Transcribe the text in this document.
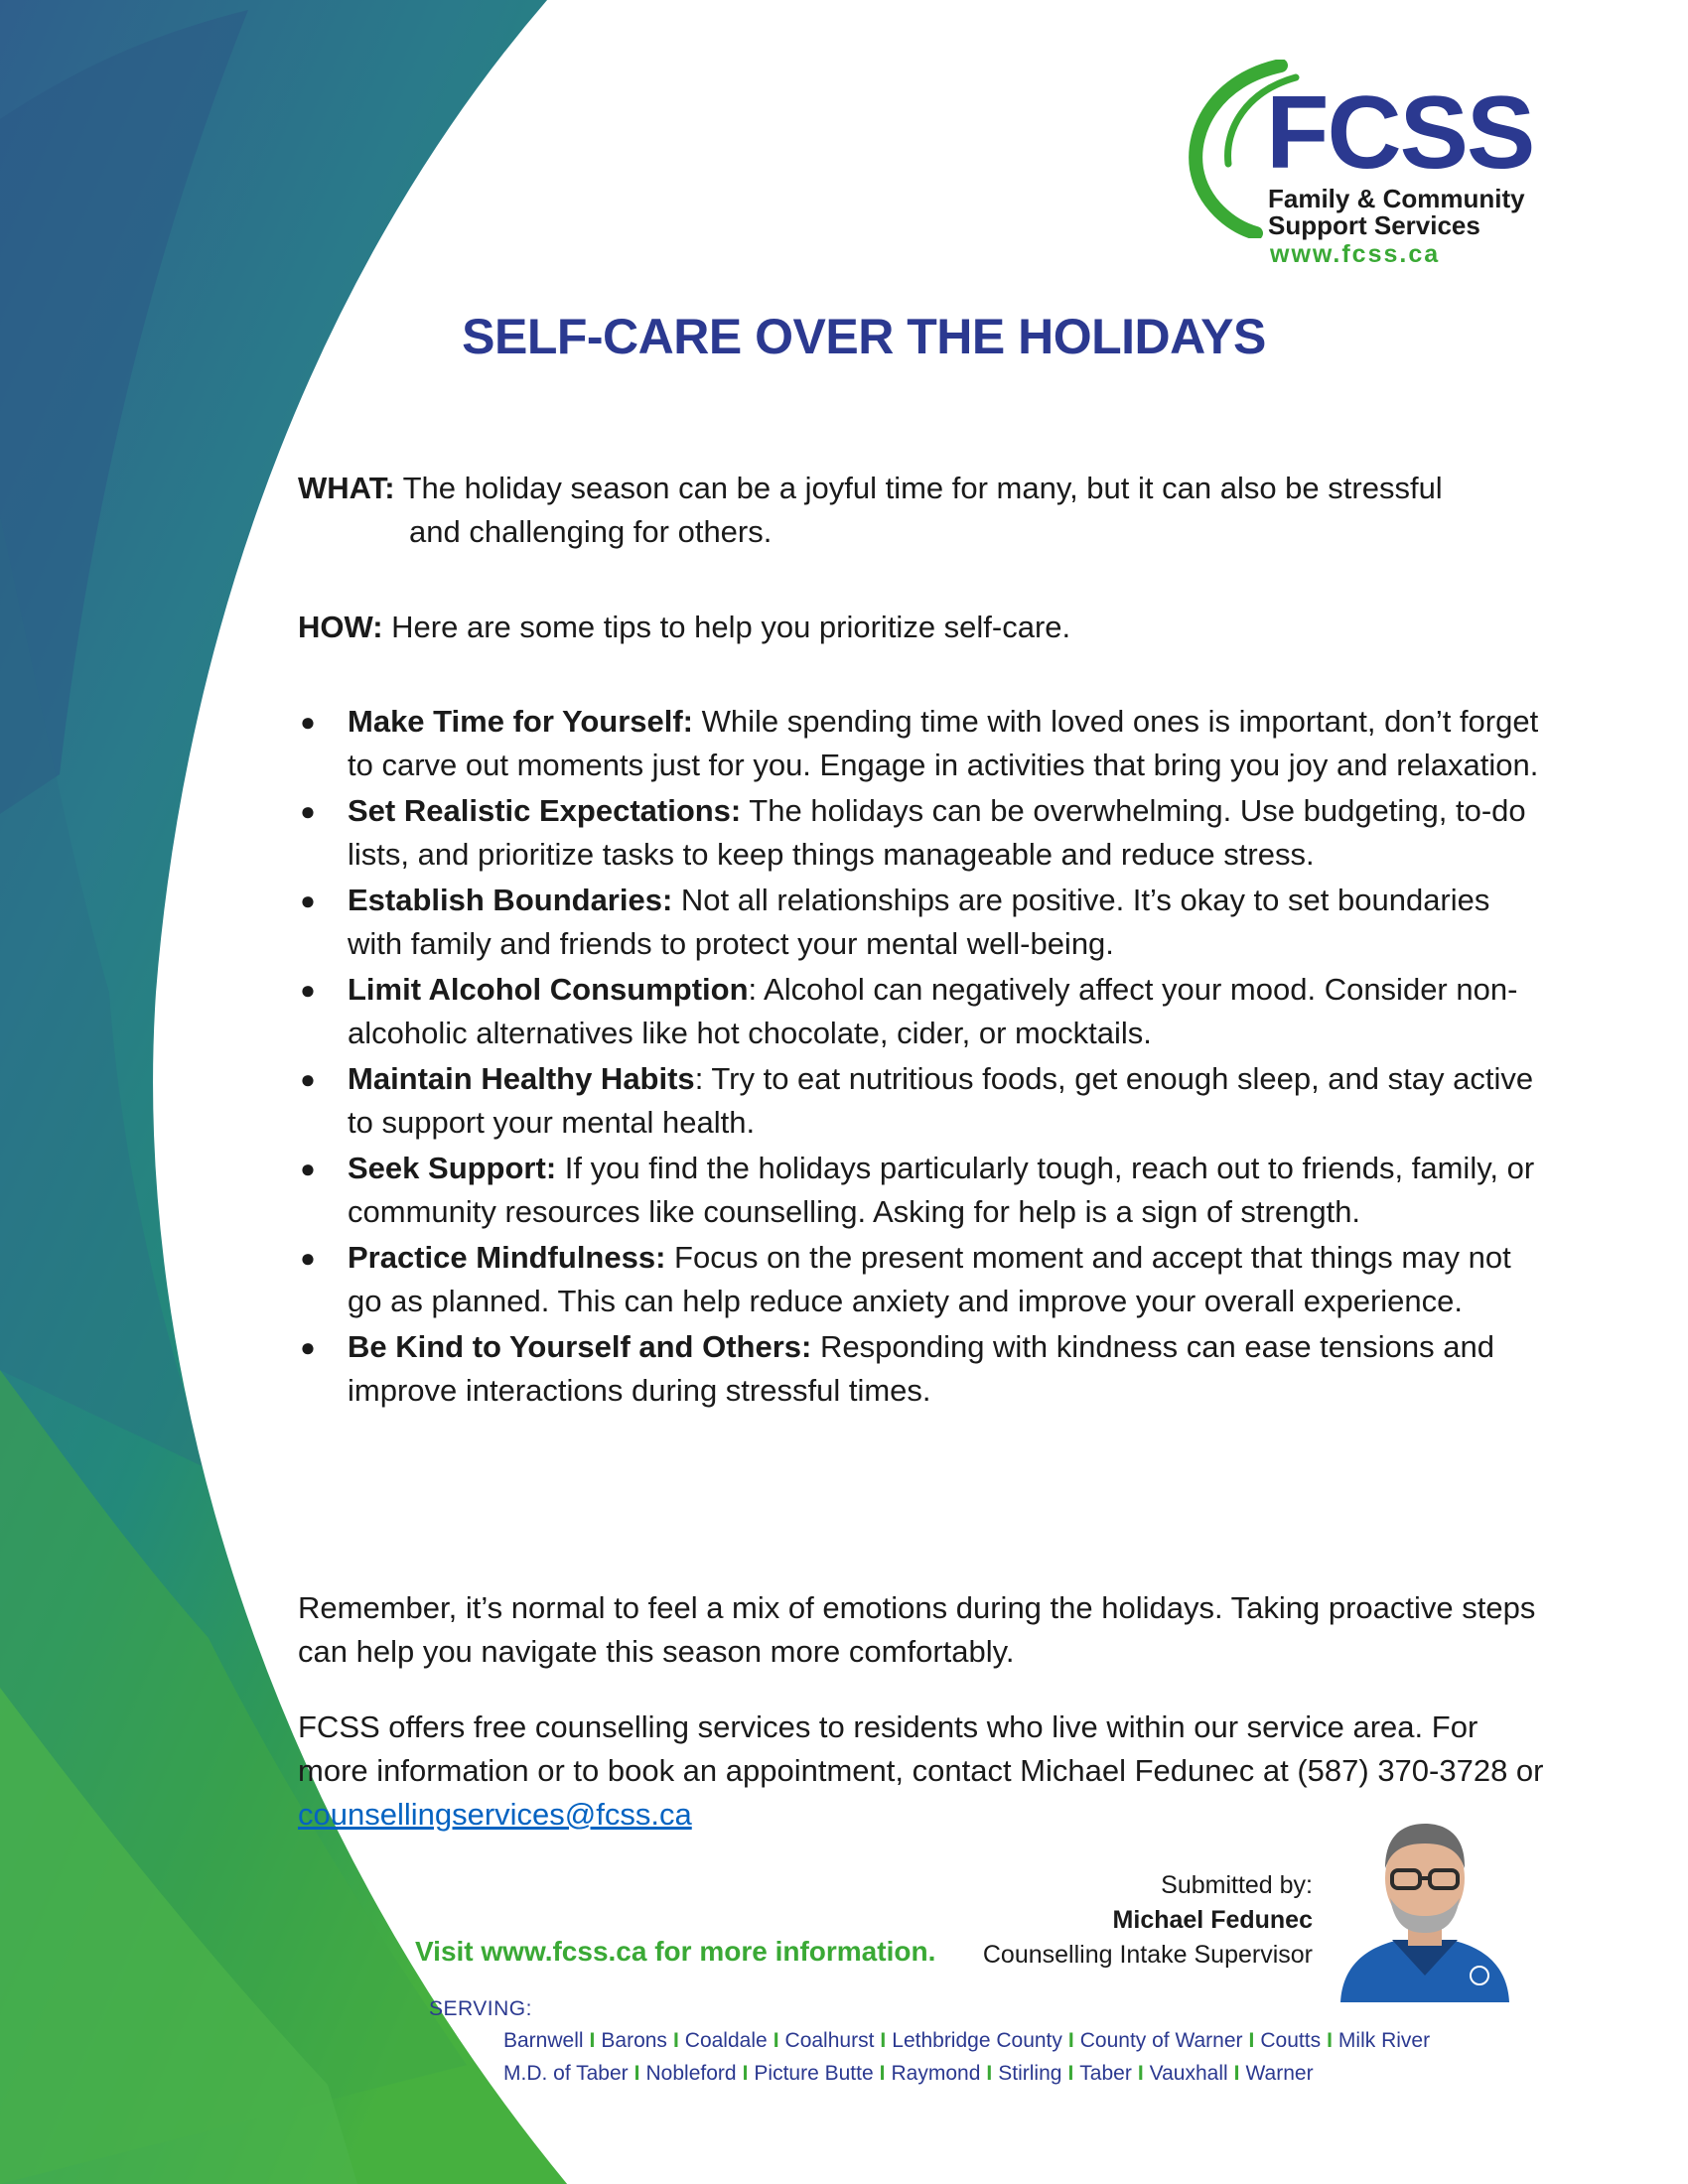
FCSS
Family & Community
Support Services
www.fcss.ca
SELF-CARE OVER THE HOLIDAYS
WHAT: The holiday season can be a joyful time for many, but it can also be stressful
and challenging for others.
HOW: Here are some tips to help you prioritize self-care.
● Make Time for Yourself: While spending time with loved ones is important, don’t forget to carve out moments just for you. Engage in activities that bring you joy and relaxation.
● Set Realistic Expectations: The holidays can be overwhelming. Use budgeting, to-do lists, and prioritize tasks to keep things manageable and reduce stress.
● Establish Boundaries: Not all relationships are positive. It’s okay to set boundaries with family and friends to protect your mental well-being.
● Limit Alcohol Consumption: Alcohol can negatively affect your mood. Consider non-alcoholic alternatives like hot chocolate, cider, or mocktails.
● Maintain Healthy Habits: Try to eat nutritious foods, get enough sleep, and stay active to support your mental health.
● Seek Support: If you find the holidays particularly tough, reach out to friends, family, or community resources like counselling. Asking for help is a sign of strength.
● Practice Mindfulness: Focus on the present moment and accept that things may not go as planned. This can help reduce anxiety and improve your overall experience.
● Be Kind to Yourself and Others: Responding with kindness can ease tensions and improve interactions during stressful times.
Remember, it’s normal to feel a mix of emotions during the holidays. Taking proactive steps can help you navigate this season more comfortably.
FCSS offers free counselling services to residents who live within our service area. For more information or to book an appointment, contact Michael Fedunec at (587) 370-3728 or counsellingservices@fcss.ca
Submitted by:
Michael Fedunec
Counselling Intake Supervisor
Visit www.fcss.ca for more information.
SERVING:
Barnwell I Barons I Coaldale I Coalhurst I Lethbridge County I County of Warner I Coutts I Milk River
M.D. of Taber I Nobleford I Picture Butte I Raymond I Stirling I Taber I Vauxhall I Warner
